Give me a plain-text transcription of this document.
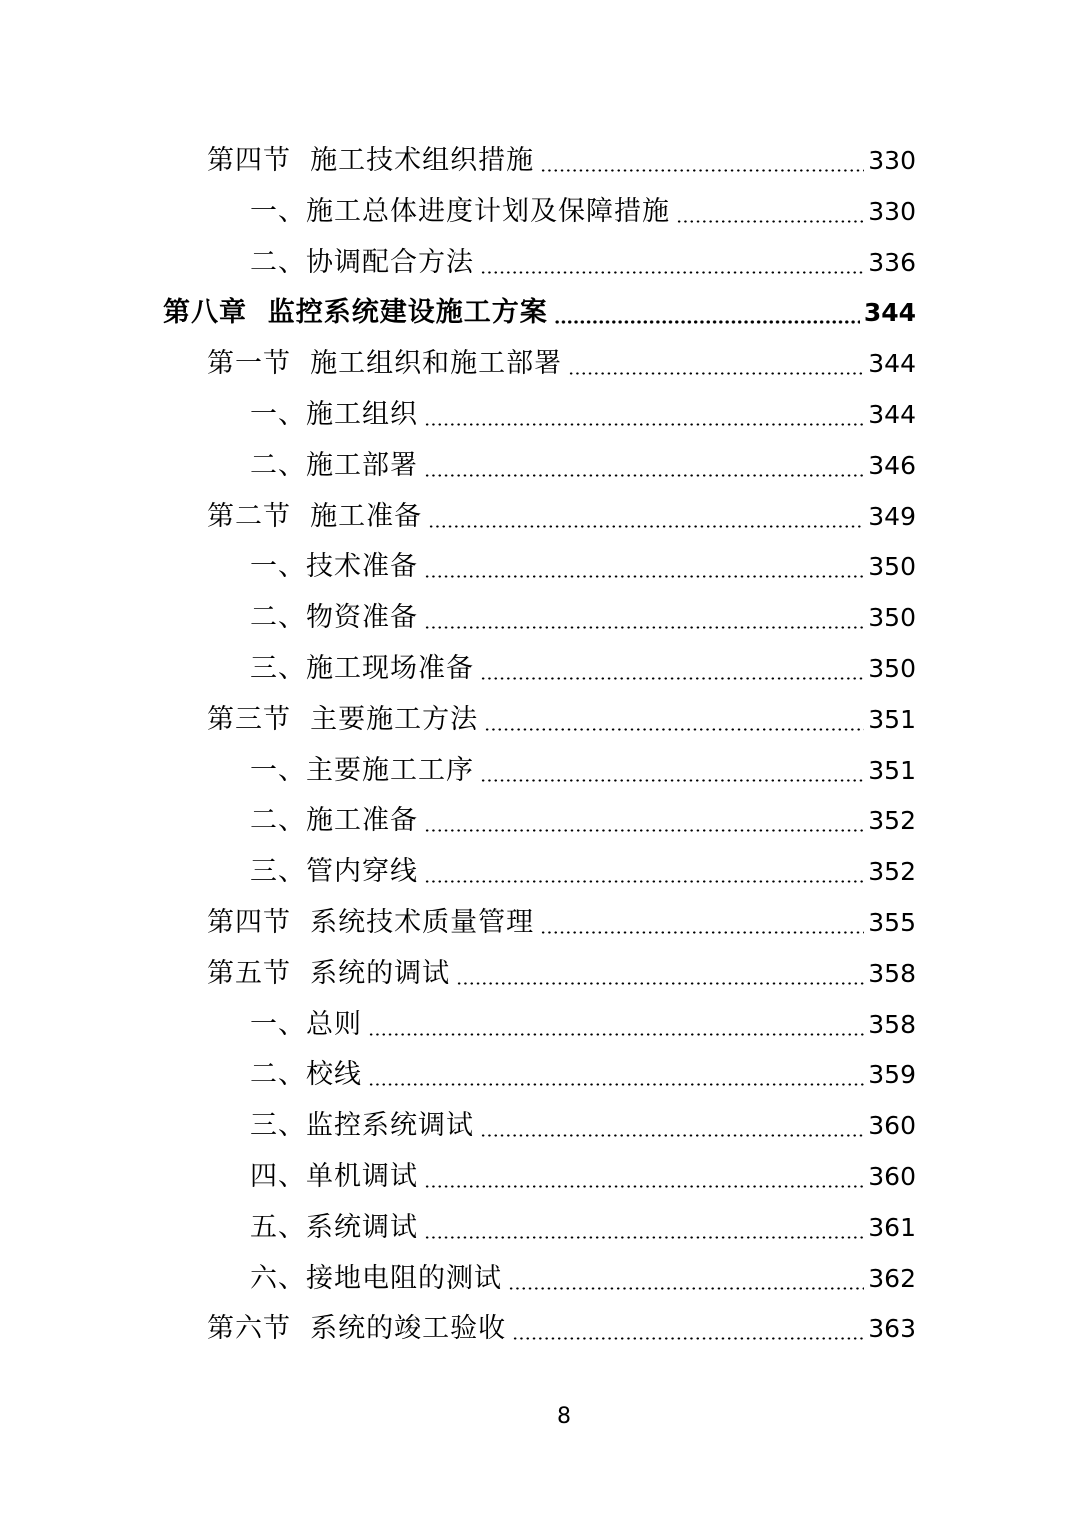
第四节  施工技术组织措施	330
一、施工总体进度计划及保障措施	330
二、协调配合方法	336
第八章  监控系统建设施工方案	344
第一节  施工组织和施工部署	344
一、施工组织	344
二、施工部署	346
第二节  施工准备	349
一、技术准备	350
二、物资准备	350
三、施工现场准备	350
第三节  主要施工方法	351
一、主要施工工序	351
二、施工准备	352
三、管内穿线	352
第四节  系统技术质量管理	355
第五节  系统的调试	358
一、总则	358
二、校线	359
三、监控系统调试	360
四、单机调试	360
五、系统调试	361
六、接地电阻的测试	362
第六节  系统的竣工验收	363
8
